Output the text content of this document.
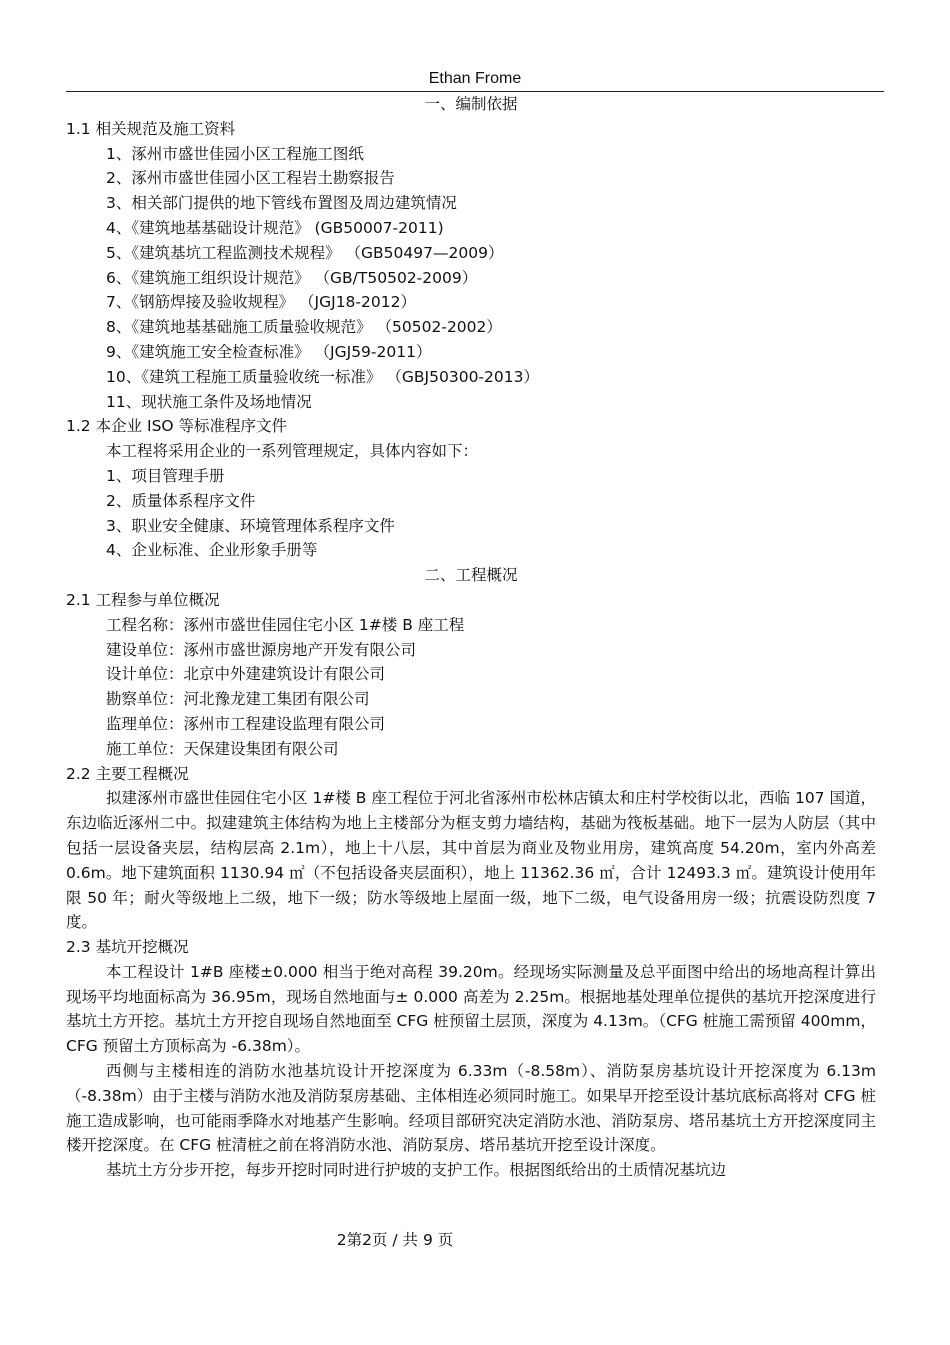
Ethan Frome
一、编制依据
1.1 相关规范及施工资料
1、涿州市盛世佳园小区工程施工图纸
2、涿州市盛世佳园小区工程岩土勘察报告
3、相关部门提供的地下管线布置图及周边建筑情况
4、《建筑地基基础设计规范》 (GB50007-2011)
5、《建筑基坑工程监测技术规程》 （GB50497—2009）
6、《建筑施工组织设计规范》 （GB/T50502-2009）
7、《钢筋焊接及验收规程》 （JGJ18-2012）
8、《建筑地基基础施工质量验收规范》 （50502-2002）
9、《建筑施工安全检查标准》 （JGJ59-2011）
10、《建筑工程施工质量验收统一标准》 （GBJ50300-2013）
11、现状施工条件及场地情况
1.2 本企业 ISO 等标准程序文件
本工程将采用企业的一系列管理规定，具体内容如下：
1、项目管理手册
2、质量体系程序文件
3、职业安全健康、环境管理体系程序文件
4、企业标准、企业形象手册等
二、工程概况
2.1 工程参与单位概况
工程名称：涿州市盛世佳园住宅小区 1#楼 B 座工程
建设单位：涿州市盛世源房地产开发有限公司
设计单位：北京中外建建筑设计有限公司
勘察单位：河北豫龙建工集团有限公司
监理单位：涿州市工程建设监理有限公司
施工单位：天保建设集团有限公司
2.2 主要工程概况

拟建涿州市盛世佳园住宅小区 1#楼 B 座工程位于河北省涿州市松林店镇太和庄村学校街以北，西临 107 国道，东边临近涿州二中。拟建建筑主体结构为地上主楼部分为框支剪力墙结构，基础为筏板基础。地下一层为人防层（其中包括一层设备夹层，结构层高 2.1m），地上十八层，其中首层为商业及物业用房，建筑高度 54.20m，室内外高差 0.6m。地下建筑面积 1130.94 ㎡（不包括设备夹层面积），地上 11362.36 ㎡，合计 12493.3 ㎡。建筑设计使用年限 50 年；耐火等级地上二级，地下一级；防水等级地上屋面一级，地下二级，电气设备用房一级；抗震设防烈度 7 度。

2.3 基坑开挖概况

本工程设计 1#B 座楼±0.000 相当于绝对高程 39.20m。经现场实际测量及总平面图中给出的场地高程计算出现场平均地面标高为 36.95m，现场自然地面与± 0.000 高差为 2.25m。根据地基处理单位提供的基坑开挖深度进行基坑土方开挖。基坑土方开挖自现场自然地面至 CFG 桩预留土层顶，深度为 4.13m。（CFG 桩施工需预留 400mm，CFG 预留土方顶标高为 -6.38m）。

西侧与主楼相连的消防水池基坑设计开挖深度为 6.33m（-8.58m）、消防泵房基坑设计开挖深度为 6.13m（-8.38m）由于主楼与消防水池及消防泵房基础、主体相连必须同时施工。如果早开挖至设计基坑底标高将对 CFG 桩施工造成影响，也可能雨季降水对地基产生影响。经项目部研究决定消防水池、消防泵房、塔吊基坑土方开挖深度同主楼开挖深度。在 CFG 桩清桩之前在将消防水池、消防泵房、塔吊基坑开挖至设计深度。

基坑土方分步开挖，每步开挖时同时进行护坡的支护工作。根据图纸给出的土质情况基坑边

2第2页 / 共 9 页
